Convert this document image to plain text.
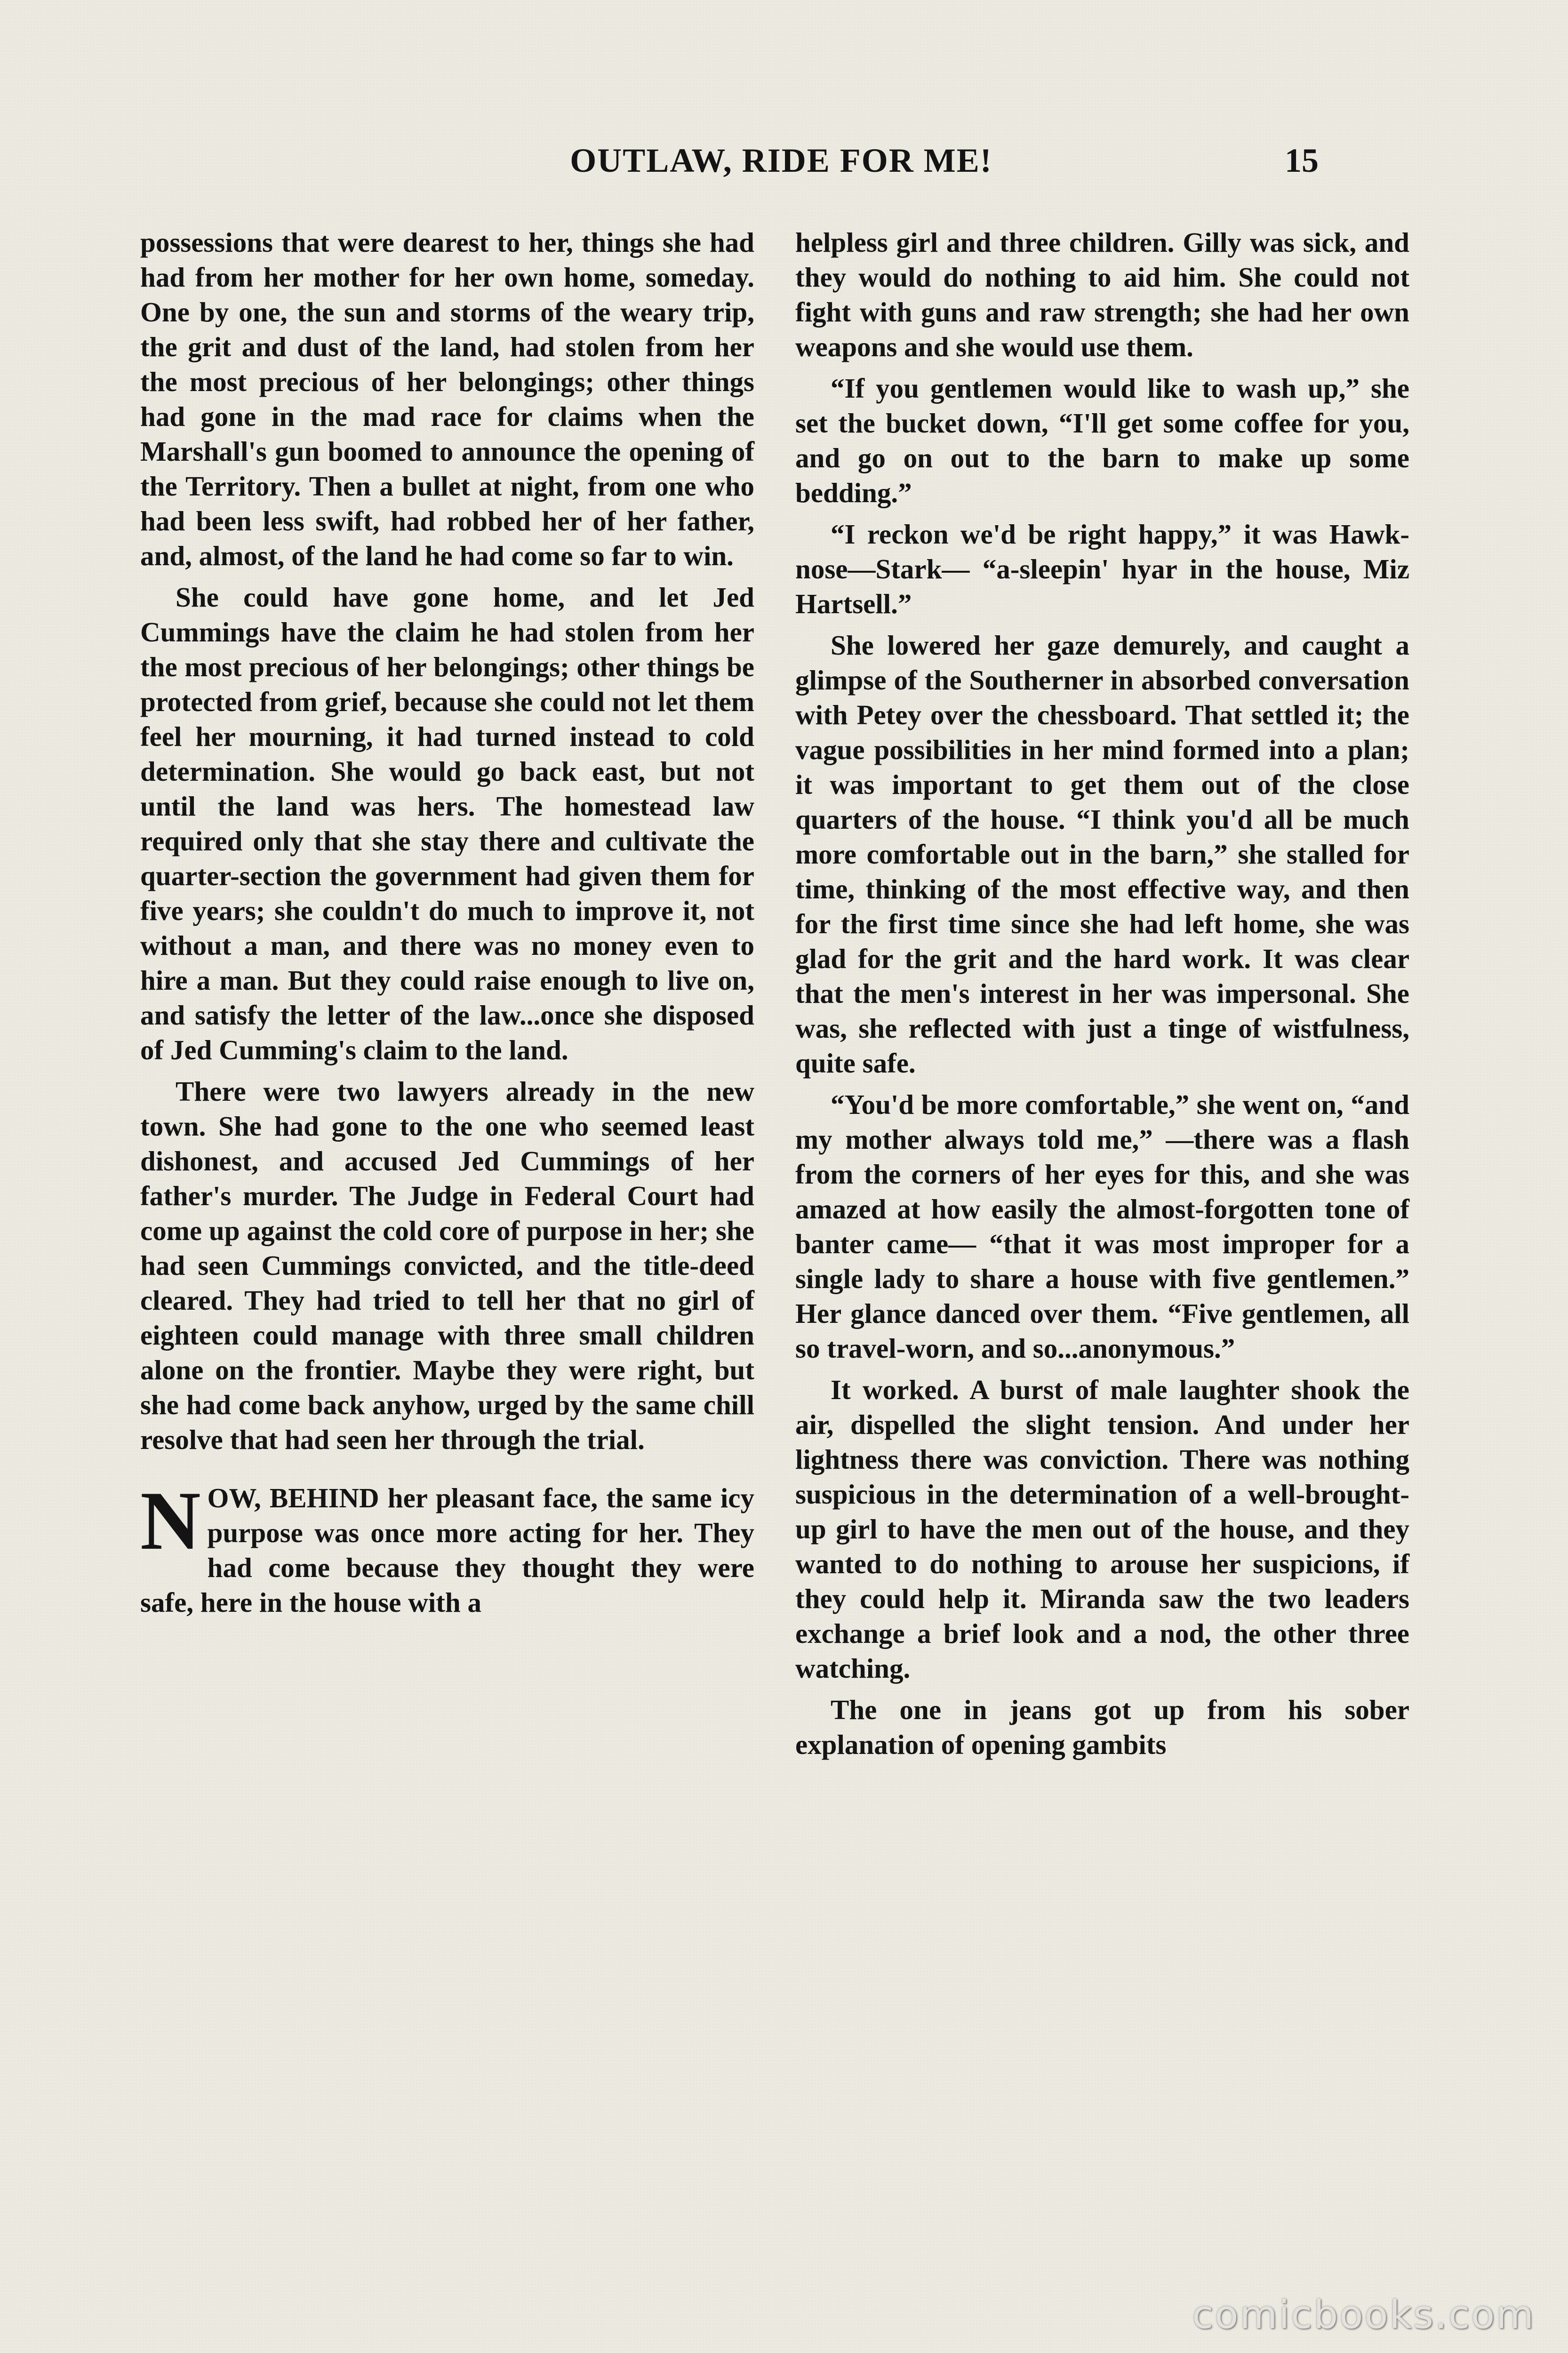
OUTLAW, RIDE FOR ME!	15

possessions that were dearest to her, things she had had from her mother for her own home, someday. One by one, the sun and storms of the weary trip, the grit and dust of the land, had stolen from her the most precious of her belongings; other things had gone in the mad race for claims when the Marshall's gun boomed to announce the opening of the Territory. Then a bullet at night, from one who had been less swift, had robbed her of her father, and, almost, of the land he had come so far to win.

She could have gone home, and let Jed Cummings have the claim he had stolen from her the most precious of her belongings; other things be protected from grief, because she could not let them feel her mourning, it had turned instead to cold determination. She would go back east, but not until the land was hers. The homestead law required only that she stay there and cultivate the quarter-section the government had given them for five years; she couldn't do much to improve it, not without a man, and there was no money even to hire a man. But they could raise enough to live on, and satisfy the letter of the law...once she disposed of Jed Cumming's claim to the land.

There were two lawyers already in the new town. She had gone to the one who seemed least dishonest, and accused Jed Cummings of her father's murder. The Judge in Federal Court had come up against the cold core of purpose in her; she had seen Cummings convicted, and the title-deed cleared. They had tried to tell her that no girl of eighteen could manage with three small children alone on the frontier. Maybe they were right, but she had come back anyhow, urged by the same chill resolve that had seen her through the trial.

NOW, BEHIND her pleasant face, the same icy purpose was once more acting for her. They had come because they thought they were safe, here in the house with a

helpless girl and three children. Gilly was sick, and they would do nothing to aid him. She could not fight with guns and raw strength; she had her own weapons and she would use them.

“If you gentlemen would like to wash up,” she set the bucket down, “I'll get some coffee for you, and go on out to the barn to make up some bedding.”

“I reckon we'd be right happy,” it was Hawk-nose—Stark— “a-sleepin' hyar in the house, Miz Hartsell.”

She lowered her gaze demurely, and caught a glimpse of the Southerner in absorbed conversation with Petey over the chessboard. That settled it; the vague possibilities in her mind formed into a plan; it was important to get them out of the close quarters of the house. “I think you'd all be much more comfortable out in the barn,” she stalled for time, thinking of the most effective way, and then for the first time since she had left home, she was glad for the grit and the hard work. It was clear that the men's interest in her was impersonal. She was, she reflected with just a tinge of wistfulness, quite safe.

“You'd be more comfortable,” she went on, “and my mother always told me,” —there was a flash from the corners of her eyes for this, and she was amazed at how easily the almost-forgotten tone of banter came— “that it was most improper for a single lady to share a house with five gentlemen.” Her glance danced over them. “Five gentlemen, all so travel-worn, and so...anonymous.”

It worked. A burst of male laughter shook the air, dispelled the slight tension. And under her lightness there was conviction. There was nothing suspicious in the determination of a well-brought-up girl to have the men out of the house, and they wanted to do nothing to arouse her suspicions, if they could help it. Miranda saw the two leaders exchange a brief look and a nod, the other three watching.

The one in jeans got up from his sober explanation of opening gambits

comicbooks.com
